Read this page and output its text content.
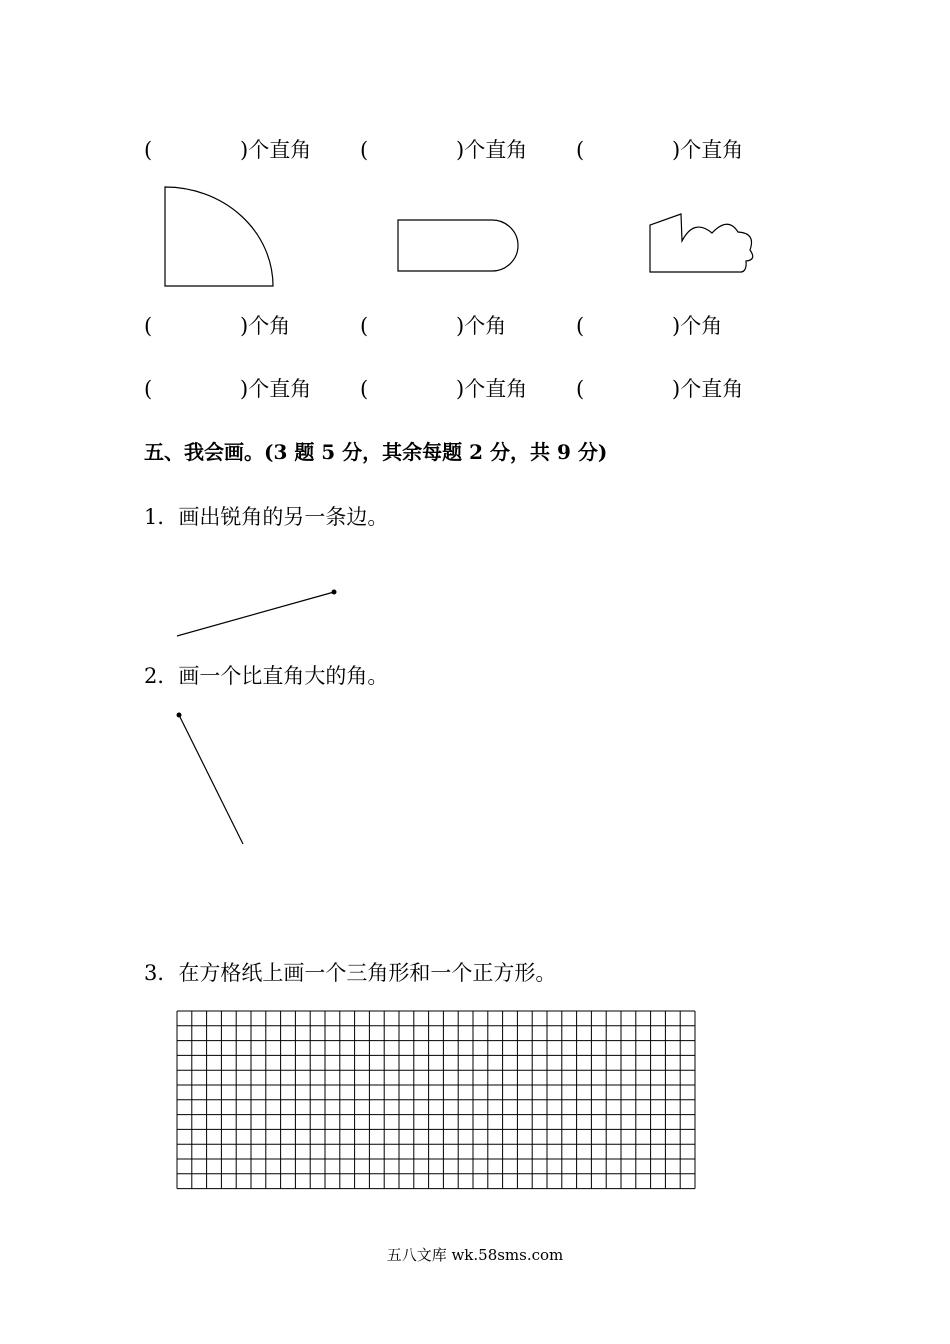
(	)个直角 (	)个直角 (	)个直角
(	)个角	(	)个角	(	)个角
(	)个直角 (	)个直角 (	)个直角
五、我会画。(3 题 5 分，其余每题 2 分，共 9 分)
1．画出锐角的另一条边。
2．画一个比直角大的角。
3．在方格纸上画一个三角形和一个正方形。
五八文库 wk.58sms.com
